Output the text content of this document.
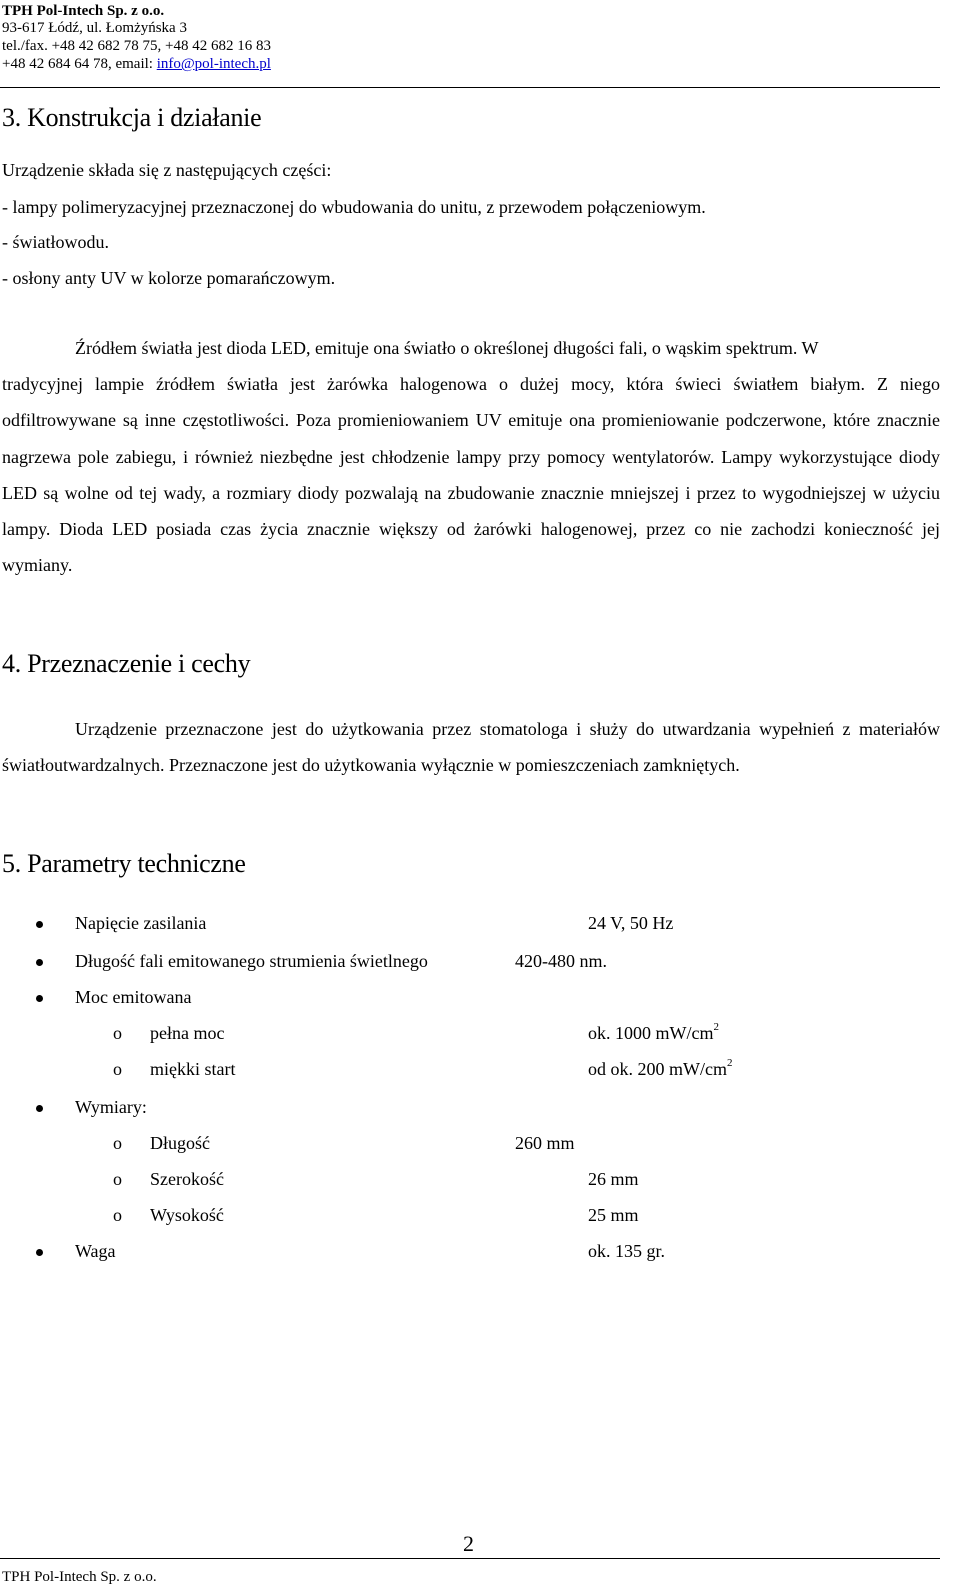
TPH Pol-Intech Sp. z o.o.
93-617 Łódź, ul. Łomżyńska 3
tel./fax. +48 42 682 78 75, +48 42 682 16 83
+48 42 684 64 78, email: info@pol-intech.pl
3. Konstrukcja i działanie
Urządzenie składa się z następujących części:
- lampy polimeryzacyjnej przeznaczonej do wbudowania do unitu, z przewodem połączeniowym.
- światłowodu.
- osłony anty UV w kolorze pomarańczowym.
Źródłem światła jest dioda LED, emituje ona światło o określonej długości fali, o wąskim spektrum. W
tradycyjnej lampie źródłem światła jest żarówka halogenowa o dużej mocy, która świeci światłem białym. Z niego odfiltrowywane są inne częstotliwości. Poza promieniowaniem UV emituje ona promieniowanie podczerwone, które znacznie nagrzewa pole zabiegu, i również niezbędne jest chłodzenie lampy przy pomocy wentylatorów. Lampy wykorzystujące diody LED są wolne od tej wady, a rozmiary diody pozwalają na zbudowanie znacznie mniejszej i przez to wygodniejszej w użyciu lampy. Dioda LED posiada czas życia znacznie większy od żarówki halogenowej, przez co nie zachodzi konieczność jej wymiany.
4. Przeznaczenie i cechy
Urządzenie przeznaczone jest do użytkowania przez stomatologa i służy do utwardzania wypełnień z materiałów światłoutwardzalnych. Przeznaczone jest do użytkowania wyłącznie w pomieszczeniach zamkniętych.
5. Parametry techniczne
Napięcie zasilania	24 V, 50 Hz
Długość fali emitowanego strumienia świetlnego	420-480 nm.
Moc emitowana
o pełna moc	ok. 1000 $mW/cm^2$
o miękki start	od ok. 200 $mW/cm^2$
Wymiary:
o Długość	260 mm
o Szerokość	26 mm
o Wysokość	25 mm
Waga	ok. 135 gr.
2
TPH Pol-Intech Sp. z o.o.
